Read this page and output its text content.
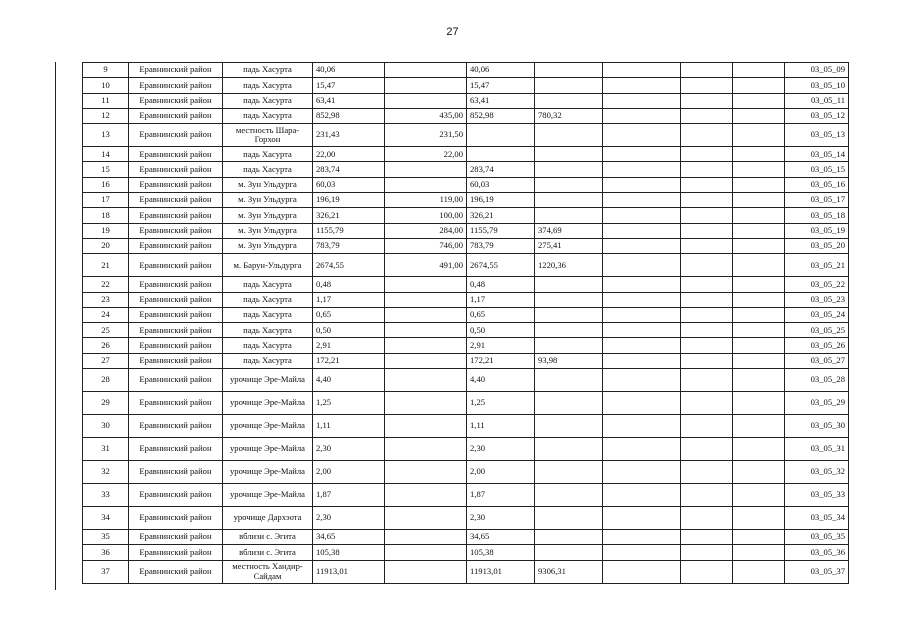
27
9	Еравнинский район	падь Хасурта	40,06		40,06					03_05_09
10	Еравнинский район	падь Хасурта	15,47		15,47					03_05_10
11	Еравнинский район	падь Хасурта	63,41		63,41					03_05_11
12	Еравнинский район	падь Хасурта	852,98	435,00	852,98	780,32				03_05_12
13	Еравнинский район	местность Шара-Горхон	231,43	231,50						03_05_13
14	Еравнинский район	падь Хасурта	22,00	22,00						03_05_14
15	Еравнинский район	падь Хасурта	283,74		283,74					03_05_15
16	Еравнинский район	м. Зун Ульдурга	60,03		60,03					03_05_16
17	Еравнинский район	м. Зун Ульдурга	196,19	119,00	196,19					03_05_17
18	Еравнинский район	м. Зун Ульдурга	326,21	100,00	326,21					03_05_18
19	Еравнинский район	м. Зун Ульдурга	1155,79	284,00	1155,79	374,69				03_05_19
20	Еравнинский район	м. Зун Ульдурга	783,79	746,00	783,79	275,41				03_05_20
21	Еравнинский район	м. Барун-Ульдурга	2674,55	491,00	2674,55	1220,36				03_05_21
22	Еравнинский район	падь Хасурта	0,48		0,48					03_05_22
23	Еравнинский район	падь Хасурта	1,17		1,17					03_05_23
24	Еравнинский район	падь Хасурта	0,65		0,65					03_05_24
25	Еравнинский район	падь Хасурта	0,50		0,50					03_05_25
26	Еравнинский район	падь Хасурта	2,91		2,91					03_05_26
27	Еравнинский район	падь Хасурта	172,21		172,21	93,98				03_05_27
28	Еравнинский район	урочище Эре-Майла	4,40		4,40					03_05_28
29	Еравнинский район	урочище Эре-Майла	1,25		1,25					03_05_29
30	Еравнинский район	урочище Эре-Майла	1,11		1,11					03_05_30
31	Еравнинский район	урочище Эре-Майла	2,30		2,30					03_05_31
32	Еравнинский район	урочище Эре-Майла	2,00		2,00					03_05_32
33	Еравнинский район	урочище Эре-Майла	1,87		1,87					03_05_33
34	Еравнинский район	урочище Дархэота	2,30		2,30					03_05_34
35	Еравнинский район	вблизи с. Эгита	34,65		34,65					03_05_35
36	Еравнинский район	вблизи с. Эгита	105,38		105,38					03_05_36
37	Еравнинский район	местность Хандир-Сайдам	11913,01		11913,01	9306,31				03_05_37
